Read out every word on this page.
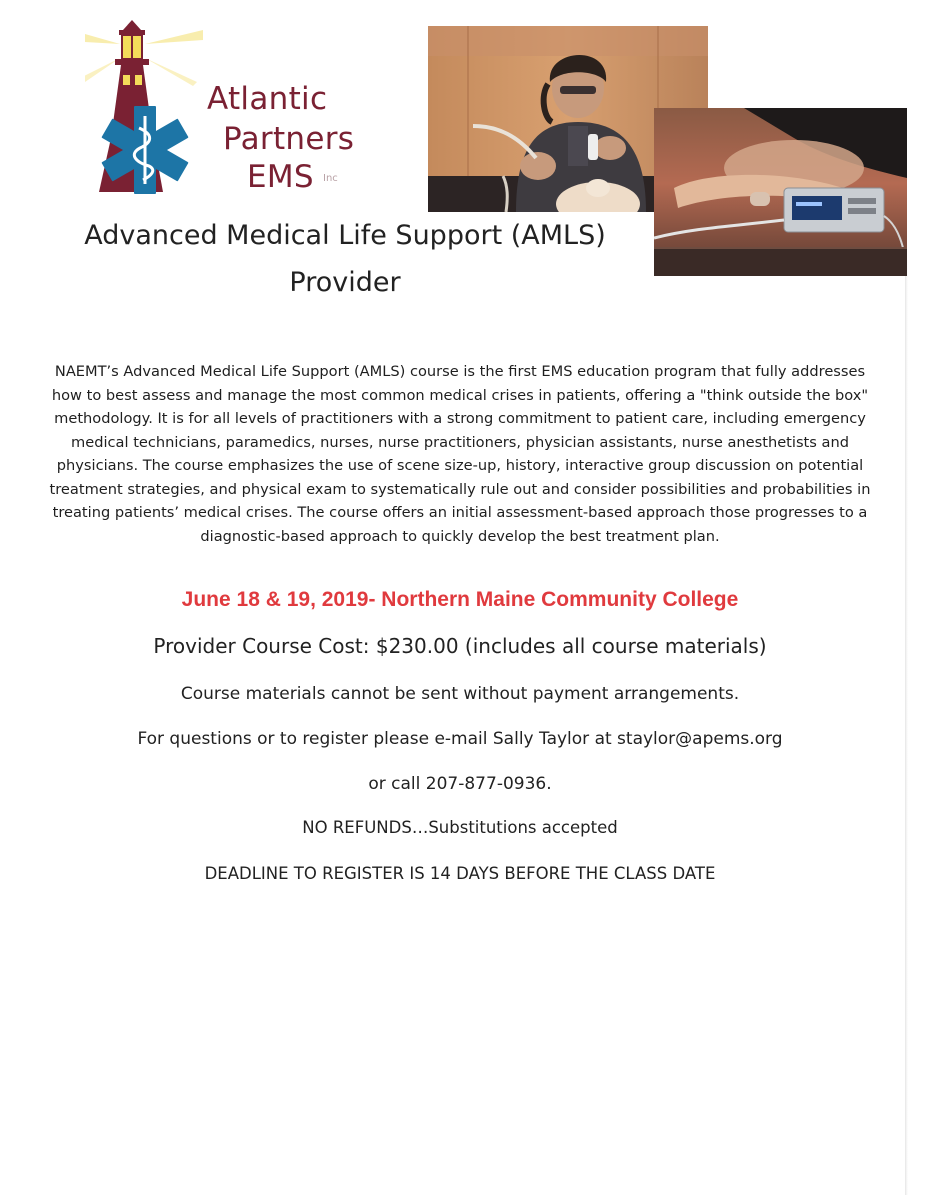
Atlantic
Partners
EMS Inc
Advanced Medical Life Support (AMLS)
Provider

NAEMT’s Advanced Medical Life Support (AMLS) course is the first EMS education program that fully addresses how to best assess and manage the most common medical crises in patients, offering a "think outside the box" methodology. It is for all levels of practitioners with a strong commitment to patient care, including emergency medical technicians, paramedics, nurses, nurse practitioners, physician assistants, nurse anesthetists and physicians. The course emphasizes the use of scene size-up, history, interactive group discussion on potential treatment strategies, and physical exam to systematically rule out and consider possibilities and probabilities in treating patients’ medical crises. The course offers an initial assessment-based approach those progresses to a diagnostic-based approach to quickly develop the best treatment plan.

June 18 & 19, 2019- Northern Maine Community College
Provider Course Cost: $230.00 (includes all course materials)
Course materials cannot be sent without payment arrangements.
For questions or to register please e-mail Sally Taylor at staylor@apems.org
or call 207-877-0936.
NO REFUNDS…Substitutions accepted
DEADLINE TO REGISTER IS 14 DAYS BEFORE THE CLASS DATE
